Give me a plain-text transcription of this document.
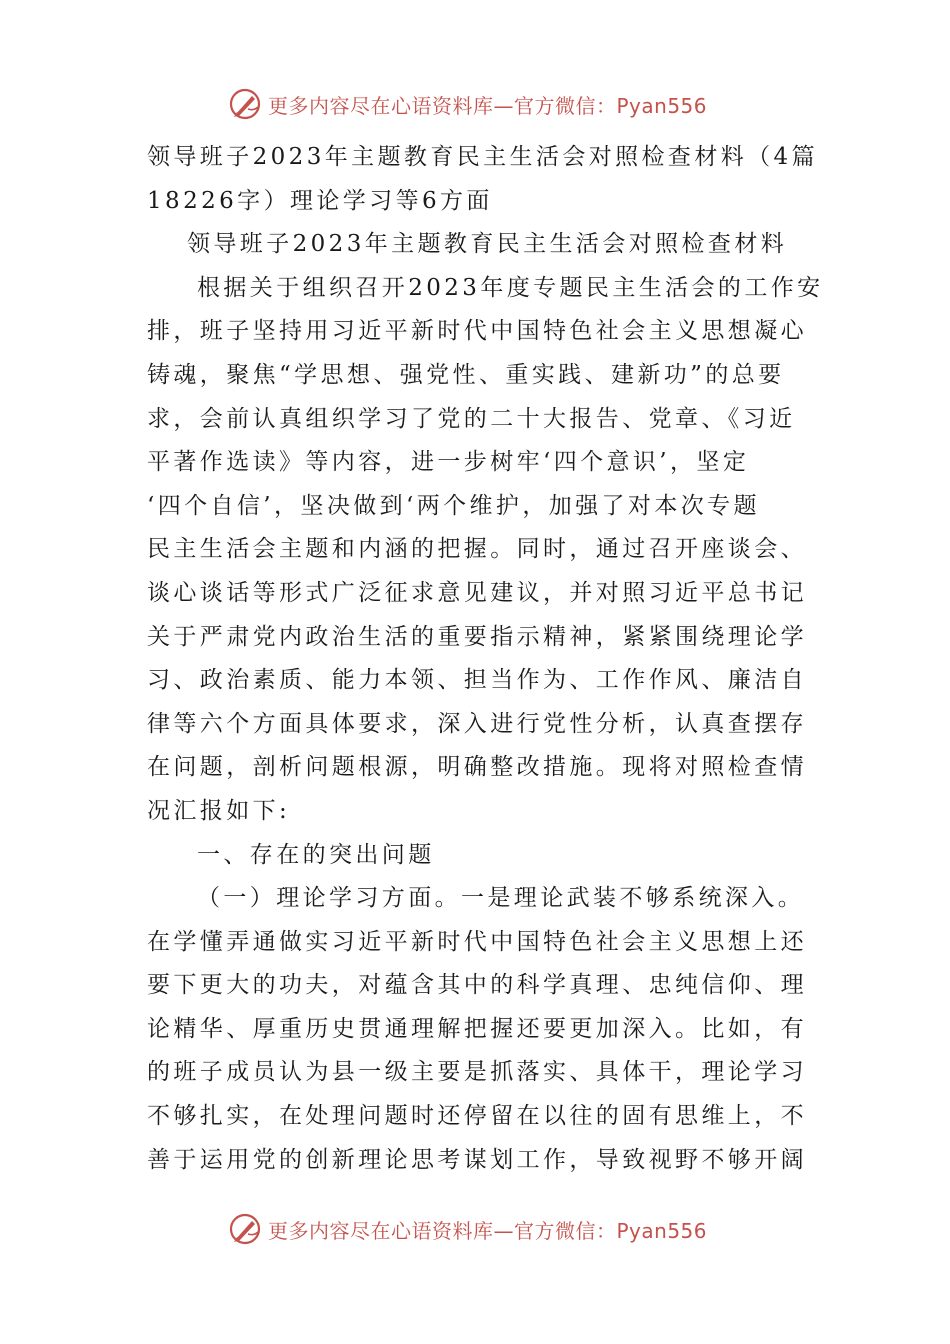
更多内容尽在心语资料库—官方微信：Pyan556
领导班子2023年主题教育民主生活会对照检查材料（4篇
18226字）理论学习等6方面
领导班子2023年主题教育民主生活会对照检查材料
根据关于组织召开2023年度专题民主生活会的工作安
排，班子坚持用习近平新时代中国特色社会主义思想凝心
铸魂，聚焦“学思想、强党性、重实践、建新功”的总要
求，会前认真组织学习了党的二十大报告、党章、《习近
平著作选读》等内容，进一步树牢‘四个意识’，坚定
‘四个自信’，坚决做到‘两个维护，加强了对本次专题
民主生活会主题和内涵的把握。同时，通过召开座谈会、
谈心谈话等形式广泛征求意见建议，并对照习近平总书记
关于严肃党内政治生活的重要指示精神，紧紧围绕理论学
习、政治素质、能力本领、担当作为、工作作风、廉洁自
律等六个方面具体要求，深入进行党性分析，认真查摆存
在问题，剖析问题根源，明确整改措施。现将对照检查情
况汇报如下:
一、存在的突出问题
（一）理论学习方面。一是理论武装不够系统深入。
在学懂弄通做实习近平新时代中国特色社会主义思想上还
要下更大的功夫，对蕴含其中的科学真理、忠纯信仰、理
论精华、厚重历史贯通理解把握还要更加深入。比如，有
的班子成员认为县一级主要是抓落实、具体干，理论学习
不够扎实，在处理问题时还停留在以往的固有思维上，不
善于运用党的创新理论思考谋划工作，导致视野不够开阔
更多内容尽在心语资料库—官方微信：Pyan556
